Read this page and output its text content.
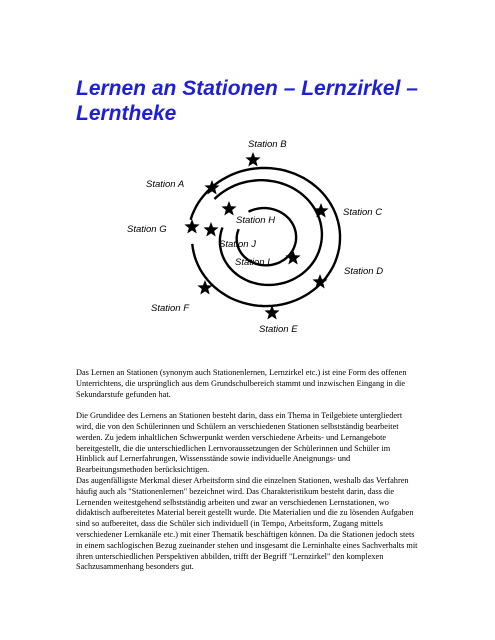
Lernen an Stationen – Lernzirkel – Lerntheke
Station B
Station A
Station C
Station H
Station G
Station J
Station I
Station D
Station F
Station E

Das Lernen an Stationen (synonym auch Stationenlernen, Lernzirkel etc.) ist eine Form des offenen Unterrichtens, die ursprünglich aus dem Grundschulbereich stammt und inzwischen Eingang in die Sekundarstufe gefunden hat.

Die Grundidee des Lernens an Stationen besteht darin, dass ein Thema in Teilgebiete untergliedert wird, die von den Schülerinnen und Schülern an verschiedenen Stationen selbstständig bearbeitet werden. Zu jedem inhaltlichen Schwerpunkt werden verschiedene Arbeits- und Lernangebote bereitgestellt, die die unterschiedlichen Lernvoraussetzungen der Schülerinnen und Schüler im Hinblick auf Lernerfahrungen, Wissensstände sowie individuelle Aneignungs- und Bearbeitungsmethoden berücksichtigen.

Das augenfälligste Merkmal dieser Arbeitsform sind die einzelnen Stationen, weshalb das Verfahren häufig auch als "Stationenlernen" bezeichnet wird. Das Charakteristikum besteht darin, dass die Lernenden weitestgehend selbstständig arbeiten und zwar an verschiedenen Lernstationen, wo didaktisch aufbereitetes Material bereit gestellt wurde. Die Materialien und die zu lösenden Aufgaben sind so aufbereitet, dass die Schüler sich individuell (in Tempo, Arbeitsform, Zugang mittels verschiedener Lernkanäle etc.) mit einer Thematik beschäftigen können. Da die Stationen jedoch stets in einem sachlogischen Bezug zueinander stehen und insgesamt die Lerninhalte eines Sachverhalts mit ihren unterschiedlichen Perspektiven abbilden, trifft der Begriff "Lernzirkel" den komplexen Sachzusammenhang besonders gut.
